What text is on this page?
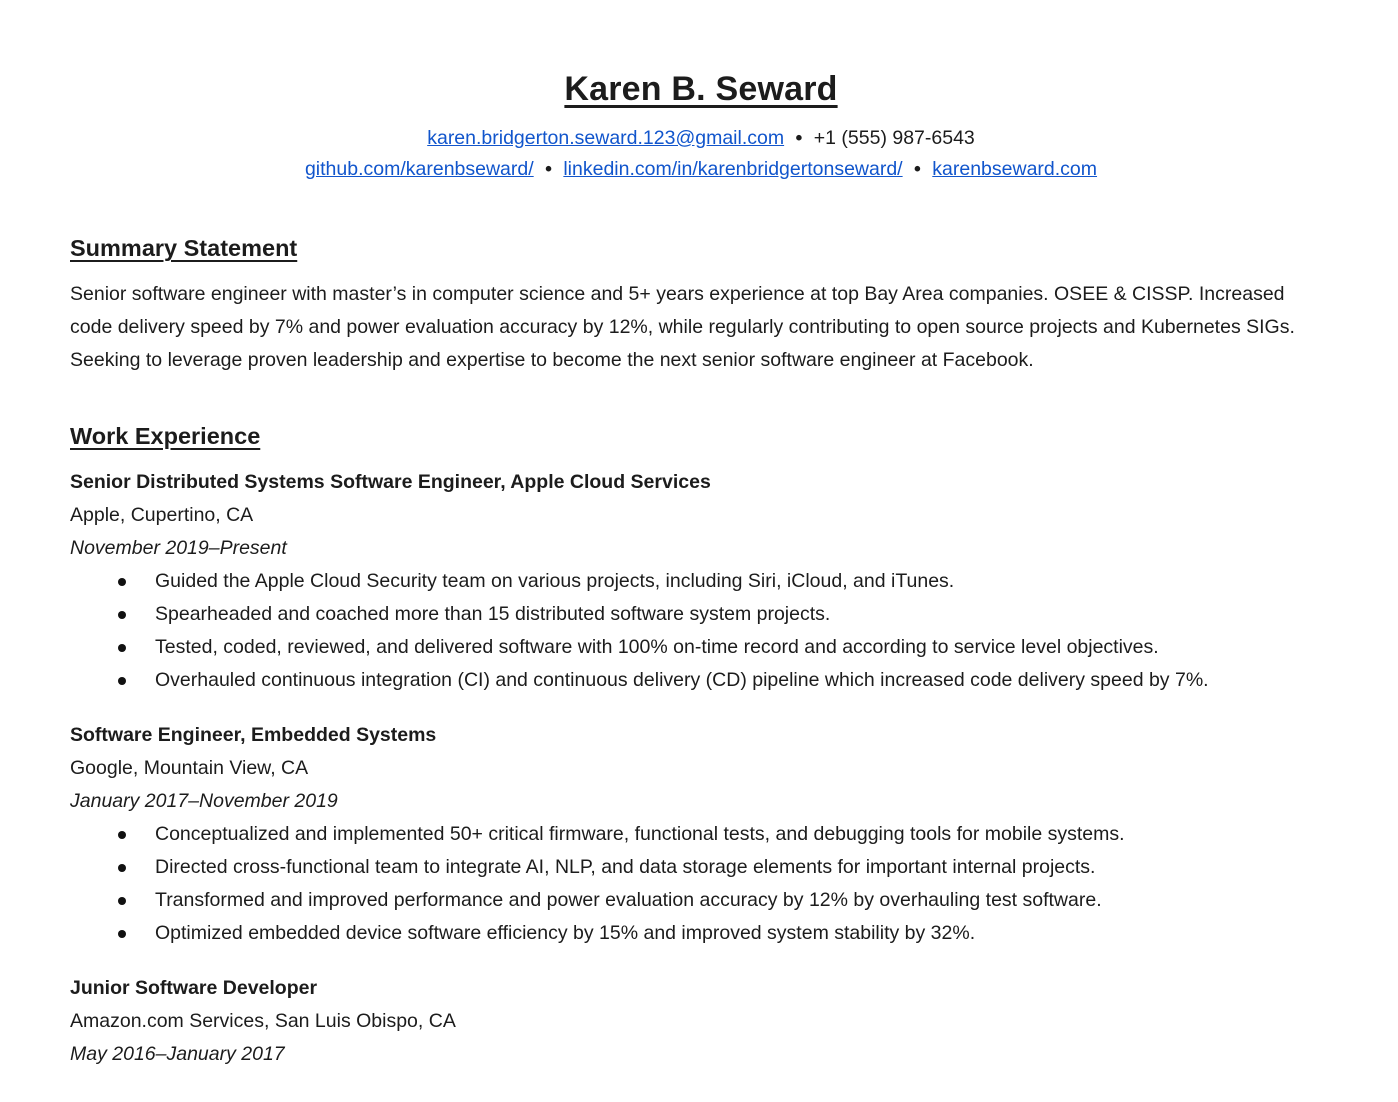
Karen B. Seward
karen.bridgerton.seward.123@gmail.com • +1 (555) 987-6543
github.com/karenbseward/ • linkedin.com/in/karenbridgertonseward/ • karenbseward.com
Summary Statement

Senior software engineer with master’s in computer science and 5+ years experience at top Bay Area companies. OSEE & CISSP. Increased code delivery speed by 7% and power evaluation accuracy by 12%, while regularly contributing to open source projects and Kubernetes SIGs. Seeking to leverage proven leadership and expertise to become the next senior software engineer at Facebook.

Work Experience

Senior Distributed Systems Software Engineer, Apple Cloud Services

Apple, Cupertino, CA

November 2019–Present

Guided the Apple Cloud Security team on various projects, including Siri, iCloud, and iTunes.
Spearheaded and coached more than 15 distributed software system projects.
Tested, coded, reviewed, and delivered software with 100% on-time record and according to service level objectives.
Overhauled continuous integration (CI) and continuous delivery (CD) pipeline which increased code delivery speed by 7%.

Software Engineer, Embedded Systems

Google, Mountain View, CA

January 2017–November 2019

Conceptualized and implemented 50+ critical firmware, functional tests, and debugging tools for mobile systems.
Directed cross-functional team to integrate AI, NLP, and data storage elements for important internal projects.
Transformed and improved performance and power evaluation accuracy by 12% by overhauling test software.
Optimized embedded device software efficiency by 15% and improved system stability by 32%.

Junior Software Developer

Amazon.com Services, San Luis Obispo, CA

May 2016–January 2017
